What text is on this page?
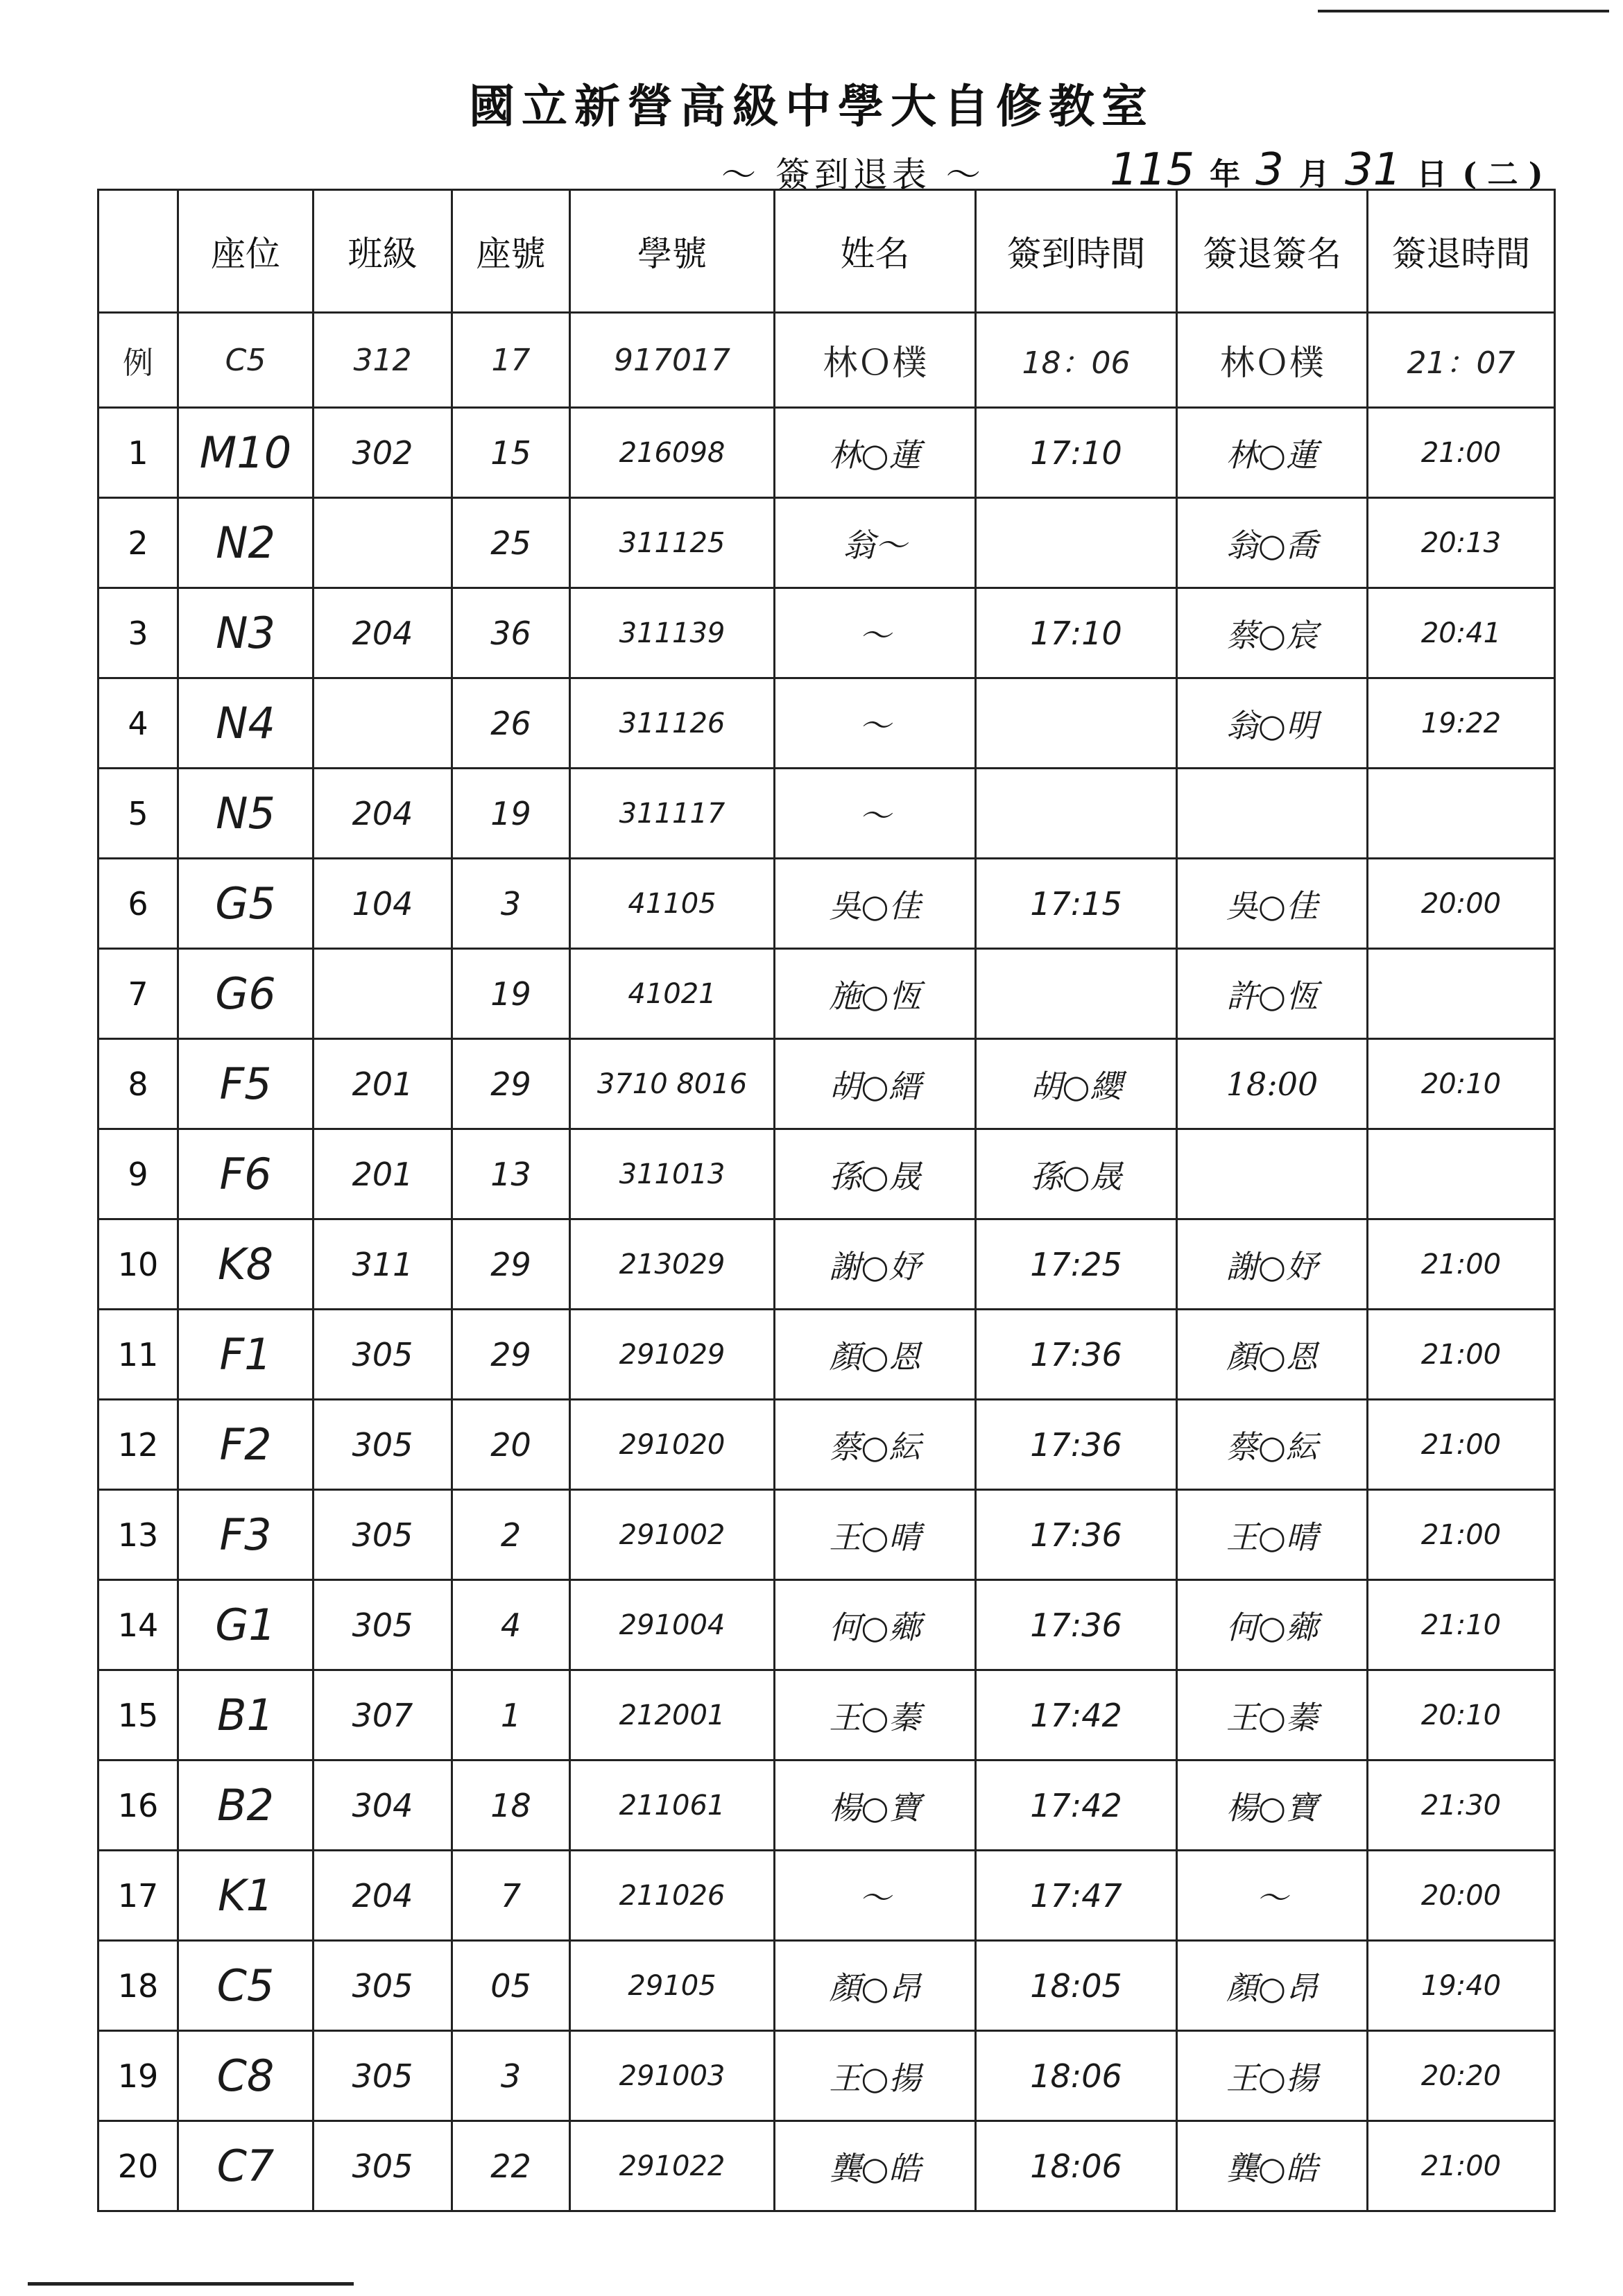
國立新營高級中學大自修教室
〜 簽到退表 〜	115 年 3 月 31 日 ( 二 )
	座位	班級	座號	學號	姓名	簽到時間	簽退簽名	簽退時間
例	C5	312	17	917017	林Ｏ樸	18：06	林Ｏ樸	21：07
1	M10	302	15	216098	林○蓮	17:10	林○蓮	21:00
2	N2		25	311125	翁～		翁○喬	20:13
3	N3	204	36	311139	～	17:10	蔡○宸	20:41
4	N4		26	311126	～		翁○明	19:22
5	N5	204	19	311117	～			
6	G5	104	3	41105	吳○佳	17:15	吳○佳	20:00
7	G6		19	41021	施○恆		許○恆	
8	F5	201	29	3710 8016	胡○縉	胡○纓	18:00	20:10
9	F6	201	13	311013	孫○晟	孫○晟		
10	K8	311	29	213029	謝○妤	17:25	謝○妤	21:00
11	F1	305	29	291029	顏○恩	17:36	顏○恩	21:00
12	F2	305	20	291020	蔡○紜	17:36	蔡○紜	21:00
13	F3	305	2	291002	王○晴	17:36	王○晴	21:00
14	G1	305	4	291004	何○薌	17:36	何○薌	21:10
15	B1	307	1	212001	王○蓁	17:42	王○蓁	20:10
16	B2	304	18	211061	楊○寶	17:42	楊○寶	21:30
17	K1	204	7	211026	～	17:47	～	20:00
18	C5	305	05	29105	顏○昂	18:05	顏○昂	19:40
19	C8	305	3	291003	王○揚	18:06	王○揚	20:20
20	C7	305	22	291022	龔○皓	18:06	龔○皓	21:00
